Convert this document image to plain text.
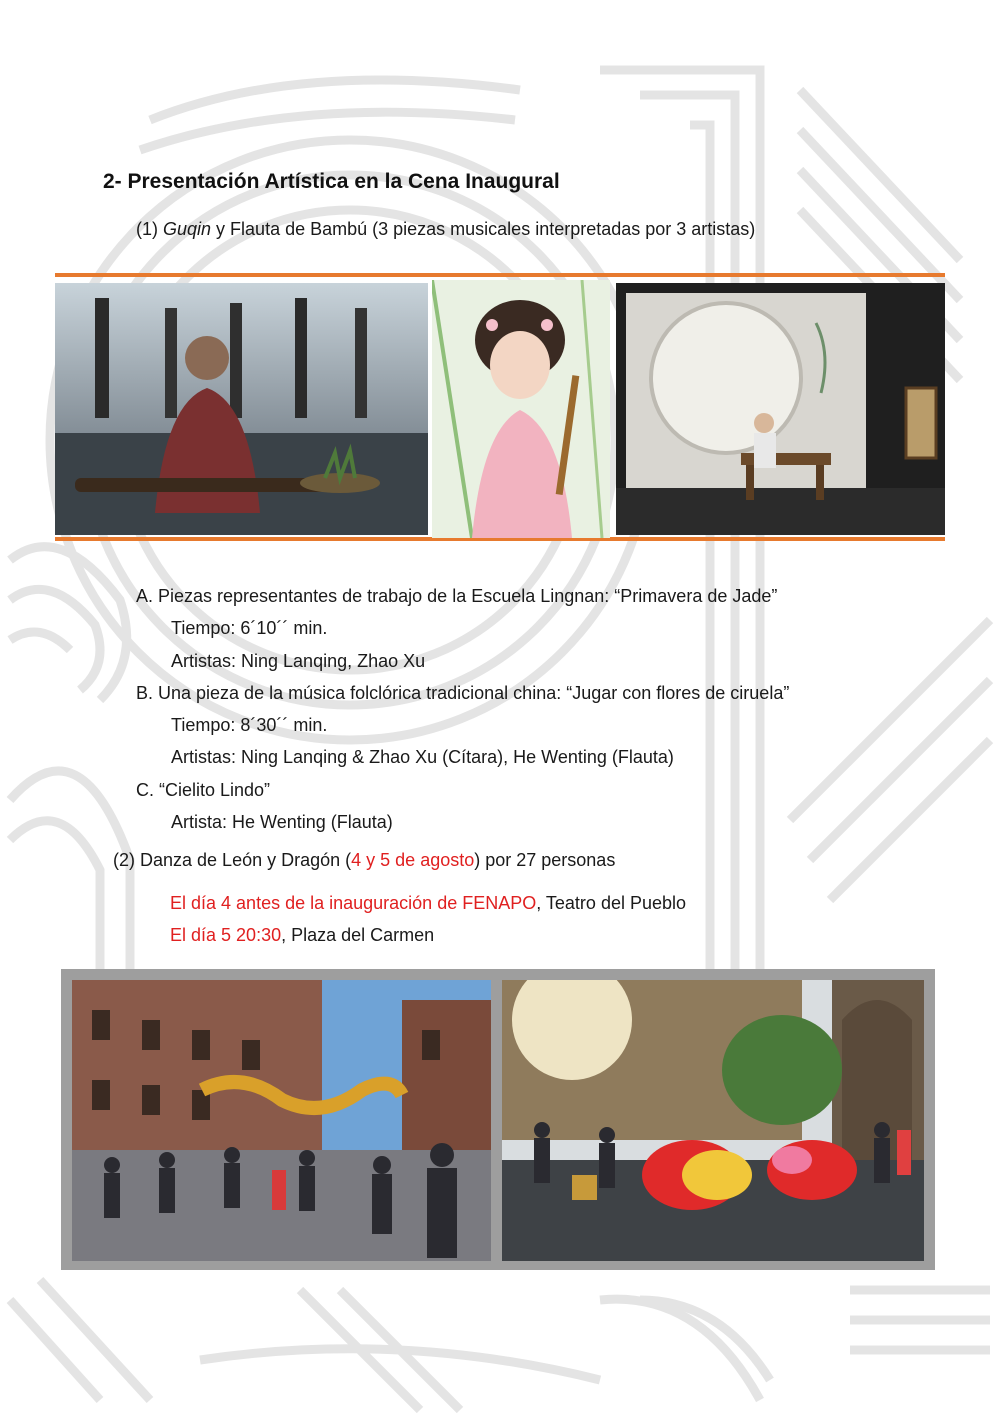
2- Presentación Artística en la Cena Inaugural
(1) Guqin y Flauta de Bambú (3 piezas musicales interpretadas por 3 artistas)
A. Piezas representantes de trabajo de la Escuela Lingnan: “Primavera de Jade”
Tiempo: 6´10´´ min.
Artistas: Ning Lanqing, Zhao Xu
B. Una pieza de la música folclórica tradicional china: “Jugar con flores de ciruela”
Tiempo: 8´30´´ min.
Artistas: Ning Lanqing & Zhao Xu (Cítara), He Wenting (Flauta)
C. “Cielito Lindo”
Artista: He Wenting (Flauta)
(2) Danza de León y Dragón (4 y 5 de agosto) por 27 personas
El día 4 antes de la inauguración de FENAPO, Teatro del Pueblo
El día 5 20:30, Plaza del Carmen
